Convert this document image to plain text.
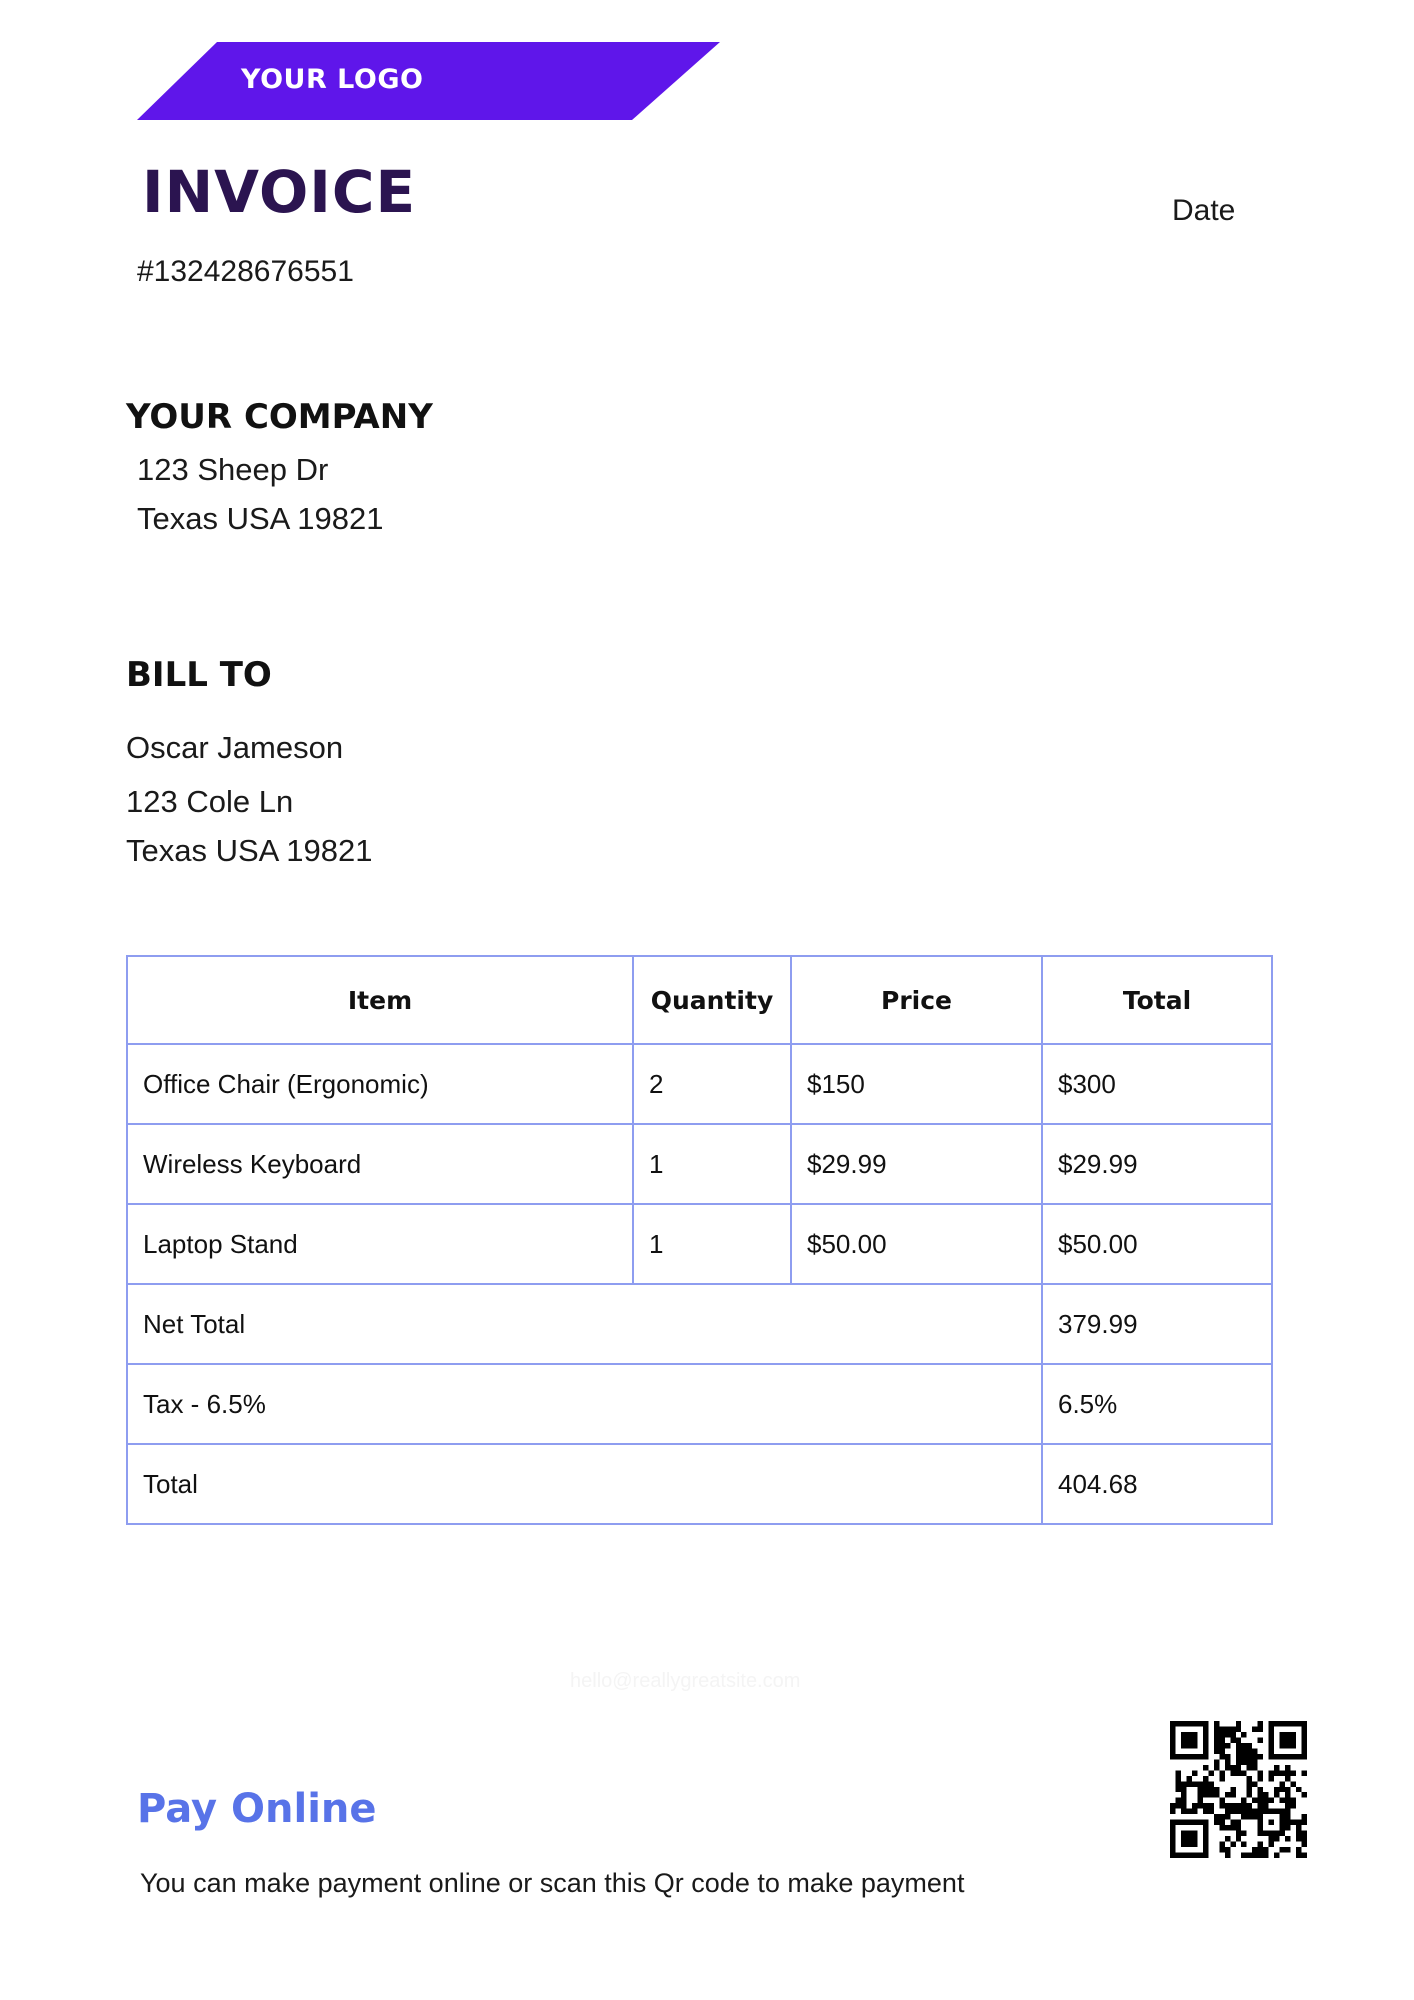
YOUR LOGO
INVOICE
#132428676551
Date
YOUR COMPANY
123 Sheep Dr
Texas USA 19821
BILL TO
Oscar Jameson
123 Cole Ln
Texas USA 19821
Item	Quantity	Price	Total
Office Chair (Ergonomic)	2	$150	$300
Wireless Keyboard	1	$29.99	$29.99
Laptop Stand	1	$50.00	$50.00
Net Total			379.99
Tax - 6.5%			6.5%
Total			404.68
hello@reallygreatsite.com
Pay Online
You can make payment online or scan this Qr code to make payment
